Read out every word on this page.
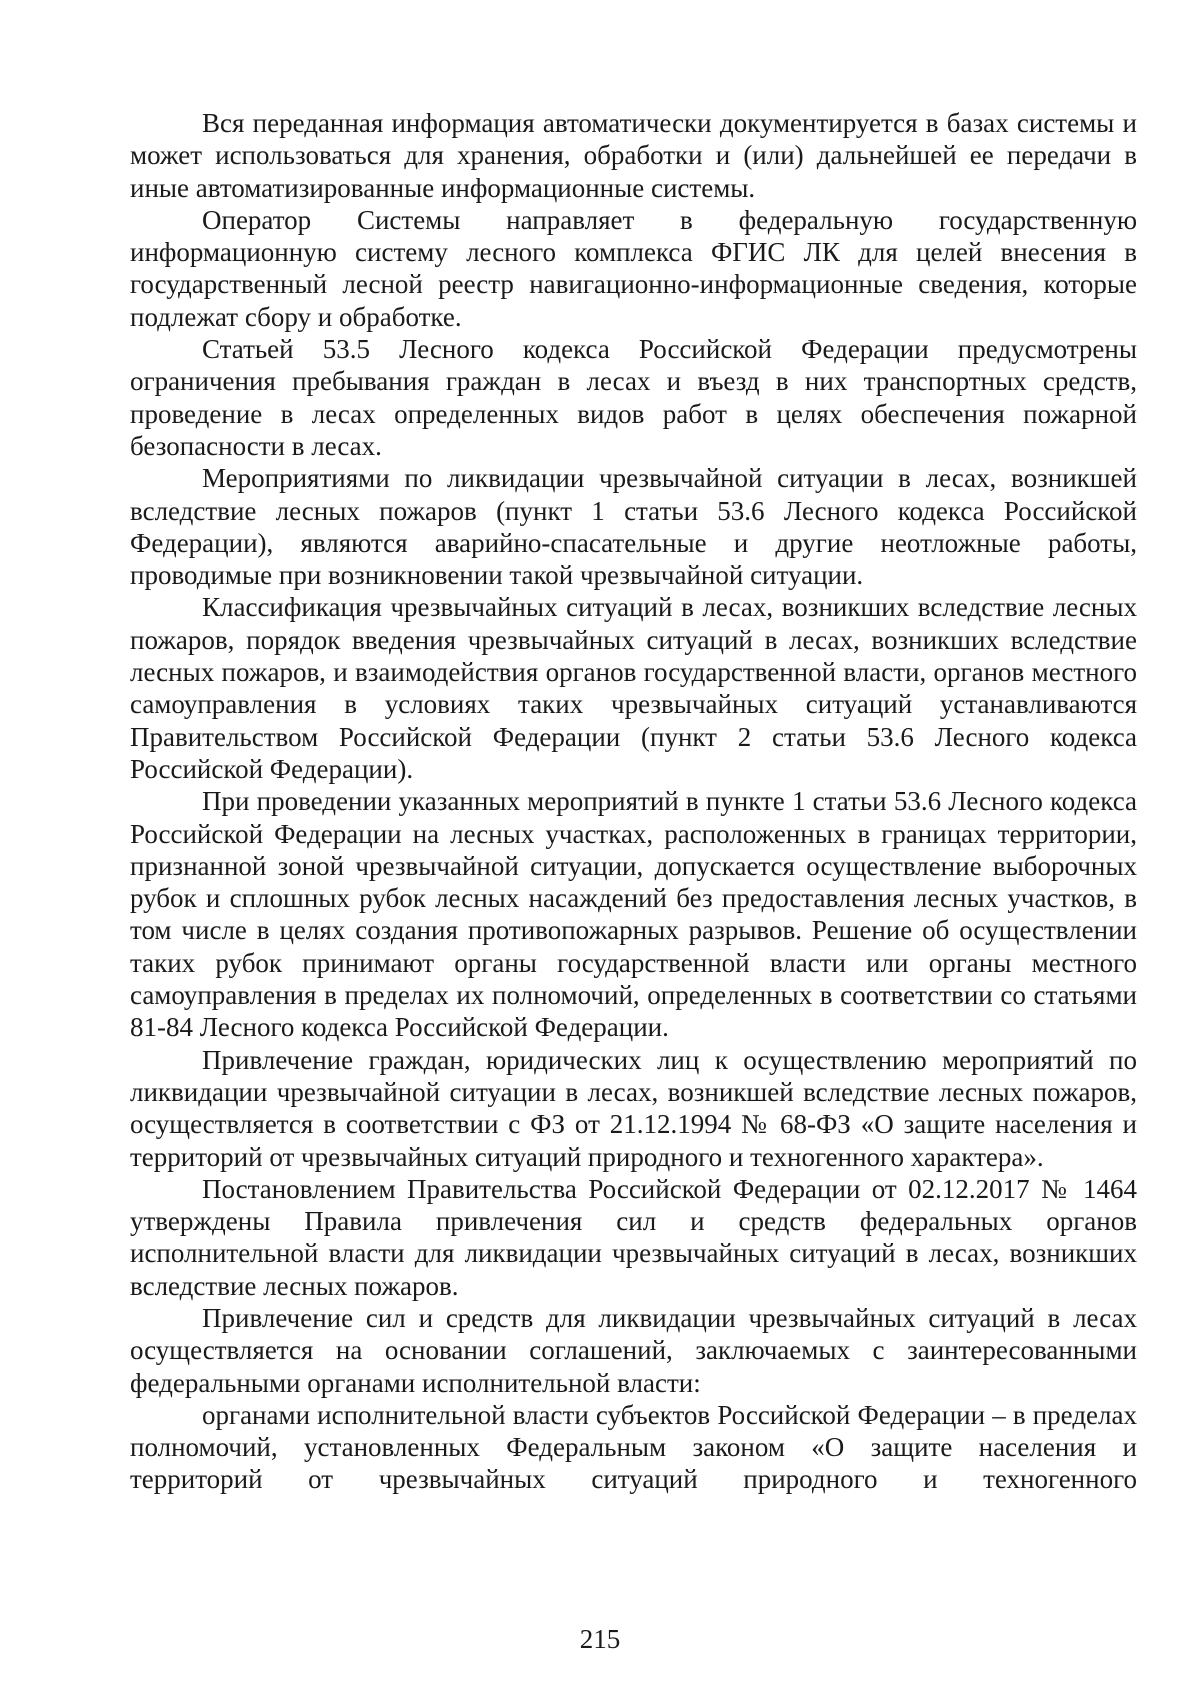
Вся переданная информация автоматически документируется в базах системы и может использоваться для хранения, обработки и (или) дальнейшей ее передачи в иные автоматизированные информационные системы.

Оператор Системы направляет в федеральную государственную информационную систему лесного комплекса ФГИС ЛК для целей внесения в государственный лесной реестр навигационно-информационные сведения, которые подлежат сбору и обработке.

Статьей 53.5 Лесного кодекса Российской Федерации предусмотрены ограничения пребывания граждан в лесах и въезд в них транспортных средств, проведение в лесах определенных видов работ в целях обеспечения пожарной безопасности в лесах.

Мероприятиями по ликвидации чрезвычайной ситуации в лесах, возникшей вследствие лесных пожаров (пункт 1 статьи 53.6 Лесного кодекса Российской Федерации), являются аварийно-спасательные и другие неотложные работы, проводимые при возникновении такой чрезвычайной ситуации.

Классификация чрезвычайных ситуаций в лесах, возникших вследствие лесных пожаров, порядок введения чрезвычайных ситуаций в лесах, возникших вследствие лесных пожаров, и взаимодействия органов государственной власти, органов местного самоуправления в условиях таких чрезвычайных ситуаций устанавливаются Правительством Российской Федерации (пункт 2 статьи 53.6 Лесного кодекса Российской Федерации).

При проведении указанных мероприятий в пункте 1 статьи 53.6 Лесного кодекса Российской Федерации на лесных участках, расположенных в границах территории, признанной зоной чрезвычайной ситуации, допускается осуществление выборочных рубок и сплошных рубок лесных насаждений без предоставления лесных участков, в том числе в целях создания противопожарных разрывов. Решение об осуществлении таких рубок принимают органы государственной власти или органы местного самоуправления в пределах их полномочий, определенных в соответствии со статьями 81-84 Лесного кодекса Российской Федерации.

Привлечение граждан, юридических лиц к осуществлению мероприятий по ликвидации чрезвычайной ситуации в лесах, возникшей вследствие лесных пожаров, осуществляется в соответствии с ФЗ от 21.12.1994 № 68-ФЗ «О защите населения и территорий от чрезвычайных ситуаций природного и техногенного характера».

Постановлением Правительства Российской Федерации от 02.12.2017 № 1464 утверждены Правила привлечения сил и средств федеральных органов исполнительной власти для ликвидации чрезвычайных ситуаций в лесах, возникших вследствие лесных пожаров.

Привлечение сил и средств для ликвидации чрезвычайных ситуаций в лесах осуществляется на основании соглашений, заключаемых с заинтересованными федеральными органами исполнительной власти:

органами исполнительной власти субъектов Российской Федерации – в пределах полномочий, установленных Федеральным законом «О защите населения и территорий от чрезвычайных ситуаций природного и техногенного

215
